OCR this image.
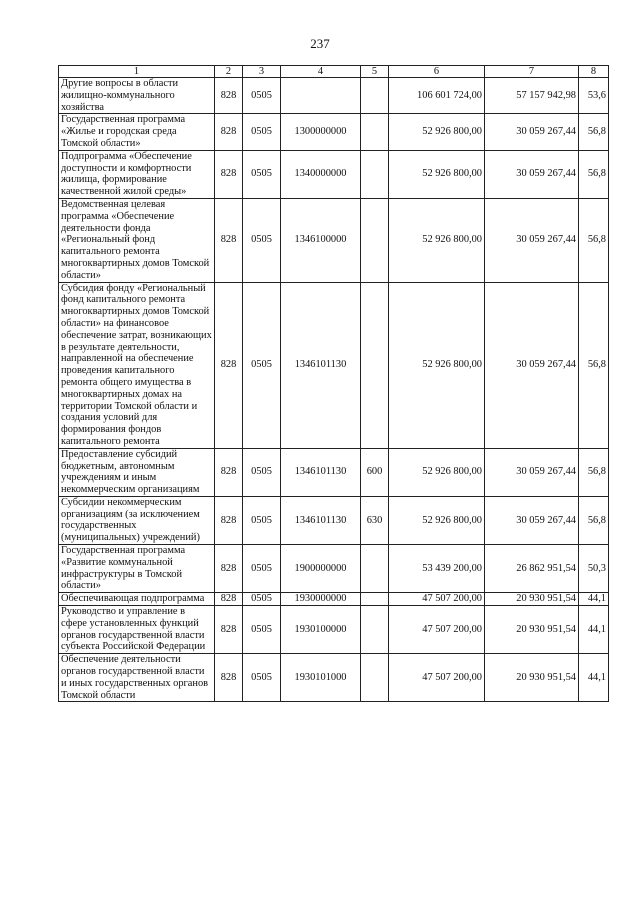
237
1	2	3	4	5	6	7	8
Другие вопросы в области жилищно-коммунального хозяйства	828	0505			106 601 724,00	57 157 942,98	53,6
Государственная программа «Жилье и городская среда Томской области»	828	0505	1300000000		52 926 800,00	30 059 267,44	56,8
Подпрограмма «Обеспечение доступности и комфортности жилища, формирование качественной жилой среды»	828	0505	1340000000		52 926 800,00	30 059 267,44	56,8
Ведомственная целевая программа «Обеспечение деятельности фонда «Региональный фонд капитального ремонта многоквартирных домов Томской области»	828	0505	1346100000		52 926 800,00	30 059 267,44	56,8
Субсидия фонду «Региональный фонд капитального ремонта многоквартирных домов Томской области» на финансовое обеспечение затрат, возникающих в результате деятельности, направленной на обеспечение проведения капитального ремонта общего имущества в многоквартирных домах на территории Томской области и создания условий для формирования фондов капитального ремонта	828	0505	1346101130		52 926 800,00	30 059 267,44	56,8
Предоставление субсидий бюджетным, автономным учреждениям и иным некоммерческим организациям	828	0505	1346101130	600	52 926 800,00	30 059 267,44	56,8
Субсидии некоммерческим организациям (за исключением государственных (муниципальных) учреждений)	828	0505	1346101130	630	52 926 800,00	30 059 267,44	56,8
Государственная программа «Развитие коммунальной инфраструктуры в Томской области»	828	0505	1900000000		53 439 200,00	26 862 951,54	50,3
Обеспечивающая подпрограмма	828	0505	1930000000		47 507 200,00	20 930 951,54	44,1
Руководство и управление в сфере установленных функций органов государственной власти субъекта Российской Федерации	828	0505	1930100000		47 507 200,00	20 930 951,54	44,1
Обеспечение деятельности органов государственной власти и иных государственных органов Томской области	828	0505	1930101000		47 507 200,00	20 930 951,54	44,1
